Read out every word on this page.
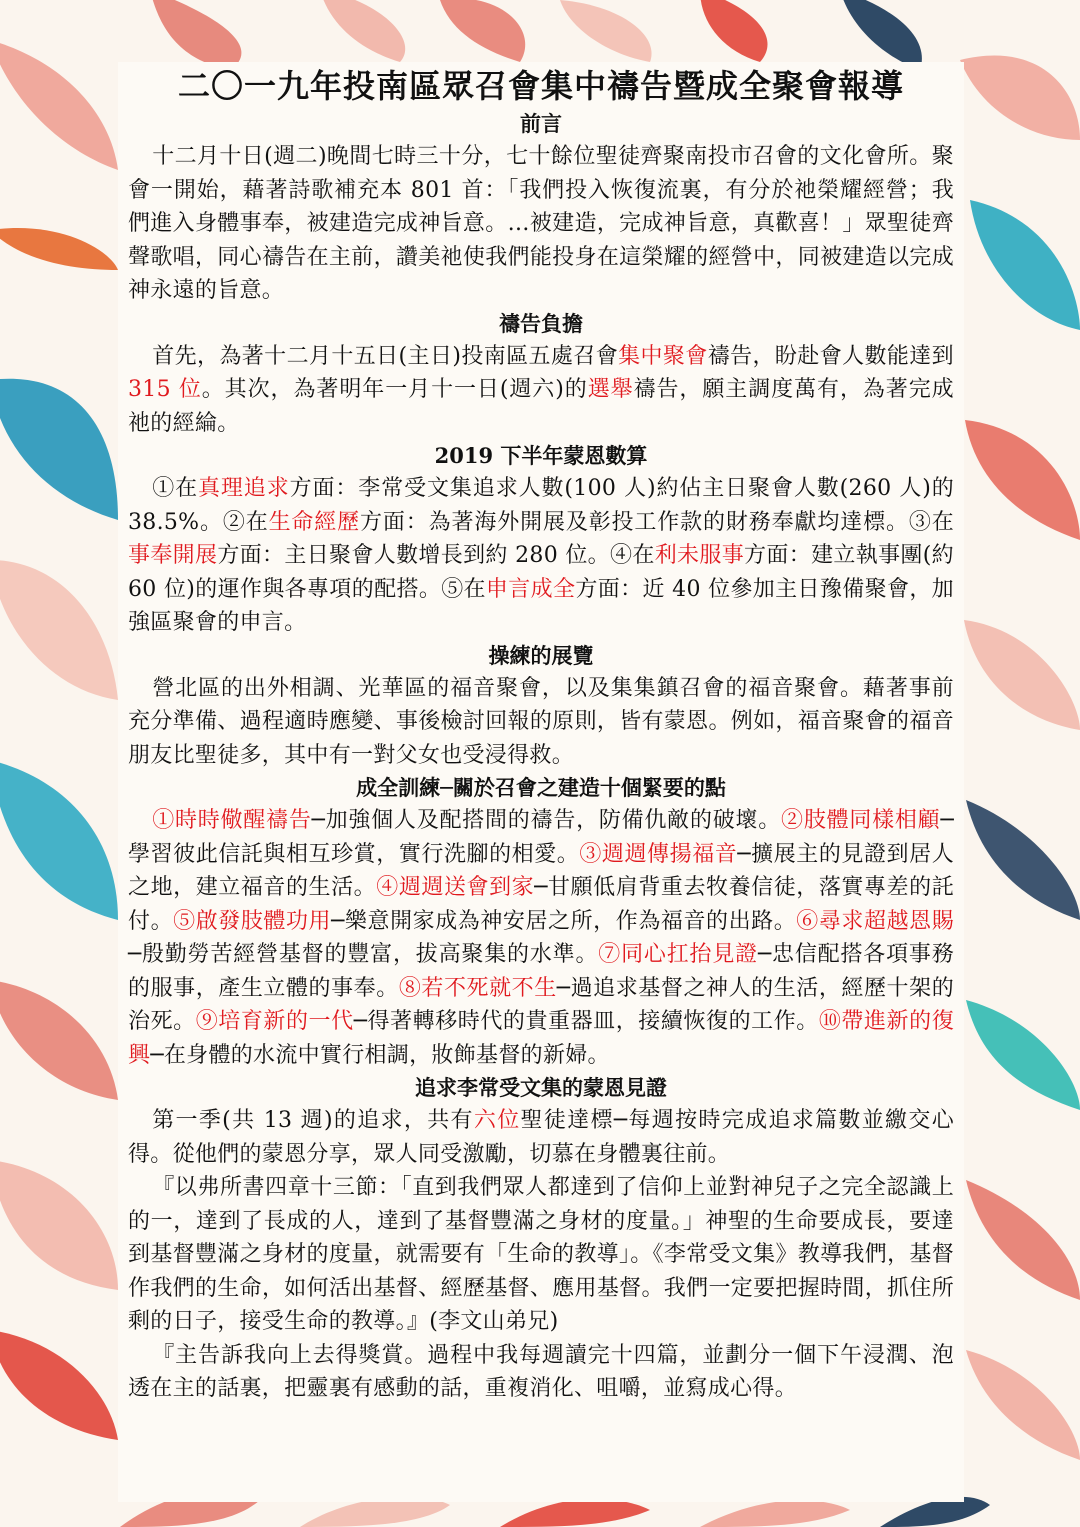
二〇一九年投南區眾召會集中禱告暨成全聚會報導
前言

十二月十日(週二)晚間七時三十分，七十餘位聖徒齊聚南投市召會的文化會所。聚會一開始，藉著詩歌補充本 801 首：「我們投入恢復流裏，有分於祂榮耀經營；我們進入身體事奉，被建造完成神旨意。…被建造，完成神旨意，真歡喜！」眾聖徒齊聲歌唱，同心禱告在主前，讚美祂使我們能投身在這榮耀的經營中，同被建造以完成神永遠的旨意。

禱告負擔

首先，為著十二月十五日(主日)投南區五處召會集中聚會禱告，盼赴會人數能達到 315 位。其次，為著明年一月十一日(週六)的選舉禱告，願主調度萬有，為著完成祂的經綸。

2019 下半年蒙恩數算

①在真理追求方面：李常受文集追求人數(100 人)約佔主日聚會人數(260 人)的 38.5%。②在生命經歷方面：為著海外開展及彰投工作款的財務奉獻均達標。③在事奉開展方面：主日聚會人數增長到約 280 位。④在利未服事方面：建立執事團(約 60 位)的運作與各專項的配搭。⑤在申言成全方面：近 40 位參加主日豫備聚會，加強區聚會的申言。

操練的展覽

營北區的出外相調、光華區的福音聚會，以及集集鎮召會的福音聚會。藉著事前充分準備、過程適時應變、事後檢討回報的原則，皆有蒙恩。例如，福音聚會的福音朋友比聖徒多，其中有一對父女也受浸得救。

成全訓練─關於召會之建造十個緊要的點

①時時儆醒禱告─加強個人及配搭間的禱告，防備仇敵的破壞。②肢體同樣相顧─學習彼此信託與相互珍賞，實行洗腳的相愛。③週週傳揚福音─擴展主的見證到居人之地，建立福音的生活。④週週送會到家─甘願低肩背重去牧養信徒，落實專差的託付。⑤啟發肢體功用─樂意開家成為神安居之所，作為福音的出路。⑥尋求超越恩賜─殷勤勞苦經營基督的豐富，拔高聚集的水準。⑦同心扛抬見證─忠信配搭各項事務的服事，產生立體的事奉。⑧若不死就不生─過追求基督之神人的生活，經歷十架的治死。⑨培育新的一代─得著轉移時代的貴重器皿，接續恢復的工作。⑩帶進新的復興─在身體的水流中實行相調，妝飾基督的新婦。

追求李常受文集的蒙恩見證

第一季(共 13 週)的追求，共有六位聖徒達標─每週按時完成追求篇數並繳交心得。從他們的蒙恩分享，眾人同受激勵，切慕在身體裏往前。

『以弗所書四章十三節：「直到我們眾人都達到了信仰上並對神兒子之完全認識上的一，達到了長成的人，達到了基督豐滿之身材的度量。」神聖的生命要成長，要達到基督豐滿之身材的度量，就需要有「生命的教導」。《李常受文集》教導我們，基督作我們的生命，如何活出基督、經歷基督、應用基督。我們一定要把握時間，抓住所剩的日子，接受生命的教導。』(李文山弟兄)

『主告訴我向上去得獎賞。過程中我每週讀完十四篇，並劃分一個下午浸潤、泡透在主的話裏，把靈裏有感動的話，重複消化、咀嚼，並寫成心得。
